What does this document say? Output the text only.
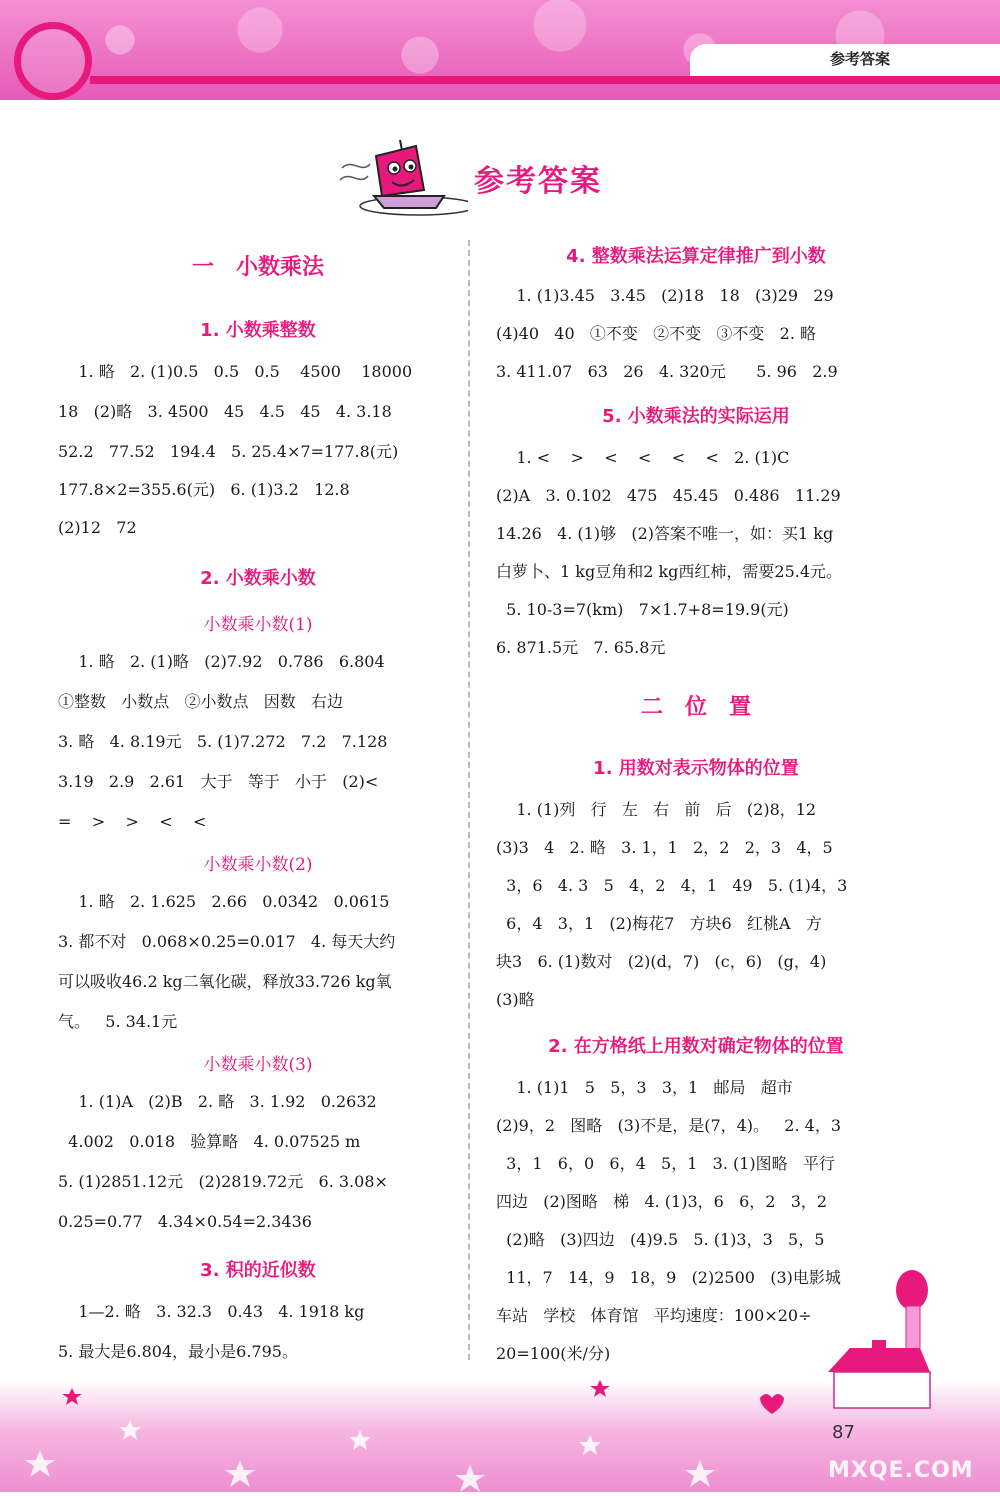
参考答案
参考答案
一　小数乘法
1. 小数乘整数
1. 略   2. (1)0.5   0.5   0.5    4500    18000
18   (2)略   3. 4500   45   4.5   45   4. 3.18
52.2   77.52   194.4   5. 25.4×7=177.8(元)
177.8×2=355.6(元)   6. (1)3.2   12.8
(2)12   72
2. 小数乘小数
小数乘小数(1)
1. 略   2. (1)略   (2)7.92   0.786   6.804
①整数   小数点   ②小数点   因数   右边
3. 略   4. 8.19元   5. (1)7.272   7.2   7.128
3.19   2.9   2.61   大于   等于   小于   (2)<
=    >    >    <    <
小数乘小数(2)
1. 略   2. 1.625   2.66   0.0342   0.0615
3. 都不对   0.068×0.25=0.017   4. 每天大约
可以吸收46.2 kg二氧化碳，释放33.726 kg氧
气。   5. 34.1元
小数乘小数(3)
1. (1)A   (2)B   2. 略   3. 1.92   0.2632
4.002   0.018   验算略   4. 0.07525 m
5. (1)2851.12元   (2)2819.72元   6. 3.08×
0.25=0.77   4.34×0.54=2.3436
3. 积的近似数
1—2. 略   3. 32.3   0.43   4. 1918 kg
5. 最大是6.804，最小是6.795。
4. 整数乘法运算定律推广到小数
1. (1)3.45   3.45   (2)18   18   (3)29   29
(4)40   40   ①不变   ②不变   ③不变   2. 略
3. 411.07   63   26   4. 320元      5. 96   2.9
5. 小数乘法的实际运用
1. <    >    <    <    <    <   2. (1)C
(2)A   3. 0.102   475   45.45   0.486   11.29
14.26   4. (1)够   (2)答案不唯一，如：买1 kg
白萝卜、1 kg豆角和2 kg西红柿，需要25.4元。
5. 10-3=7(km)   7×1.7+8=19.9(元)
6. 871.5元   7. 65.8元
二　位　置
1. 用数对表示物体的位置
1. (1)列   行   左   右   前   后   (2)8，12
(3)3   4   2. 略   3. 1，1   2，2   2，3   4，5
3，6   4. 3   5   4，2   4，1   49   5. (1)4，3
6，4   3，1   (2)梅花7   方块6   红桃A   方
块3   6. (1)数对   (2)(d，7)   (c，6)   (g，4)
(3)略
2. 在方格纸上用数对确定物体的位置
1. (1)1   5   5，3   3，1   邮局   超市
(2)9，2   图略   (3)不是，是(7，4)。   2. 4，3
3，1   6，0   6，4   5，1   3. (1)图略   平行
四边   (2)图略   梯   4. (1)3，6   6，2   3，2
(2)略   (3)四边   (4)9.5   5. (1)3，3   5，5
11，7   14，9   18，9   (2)2500   (3)电影城
车站   学校   体育馆   平均速度：100×20÷
20=100(米/分)
87
MXQE.COM
